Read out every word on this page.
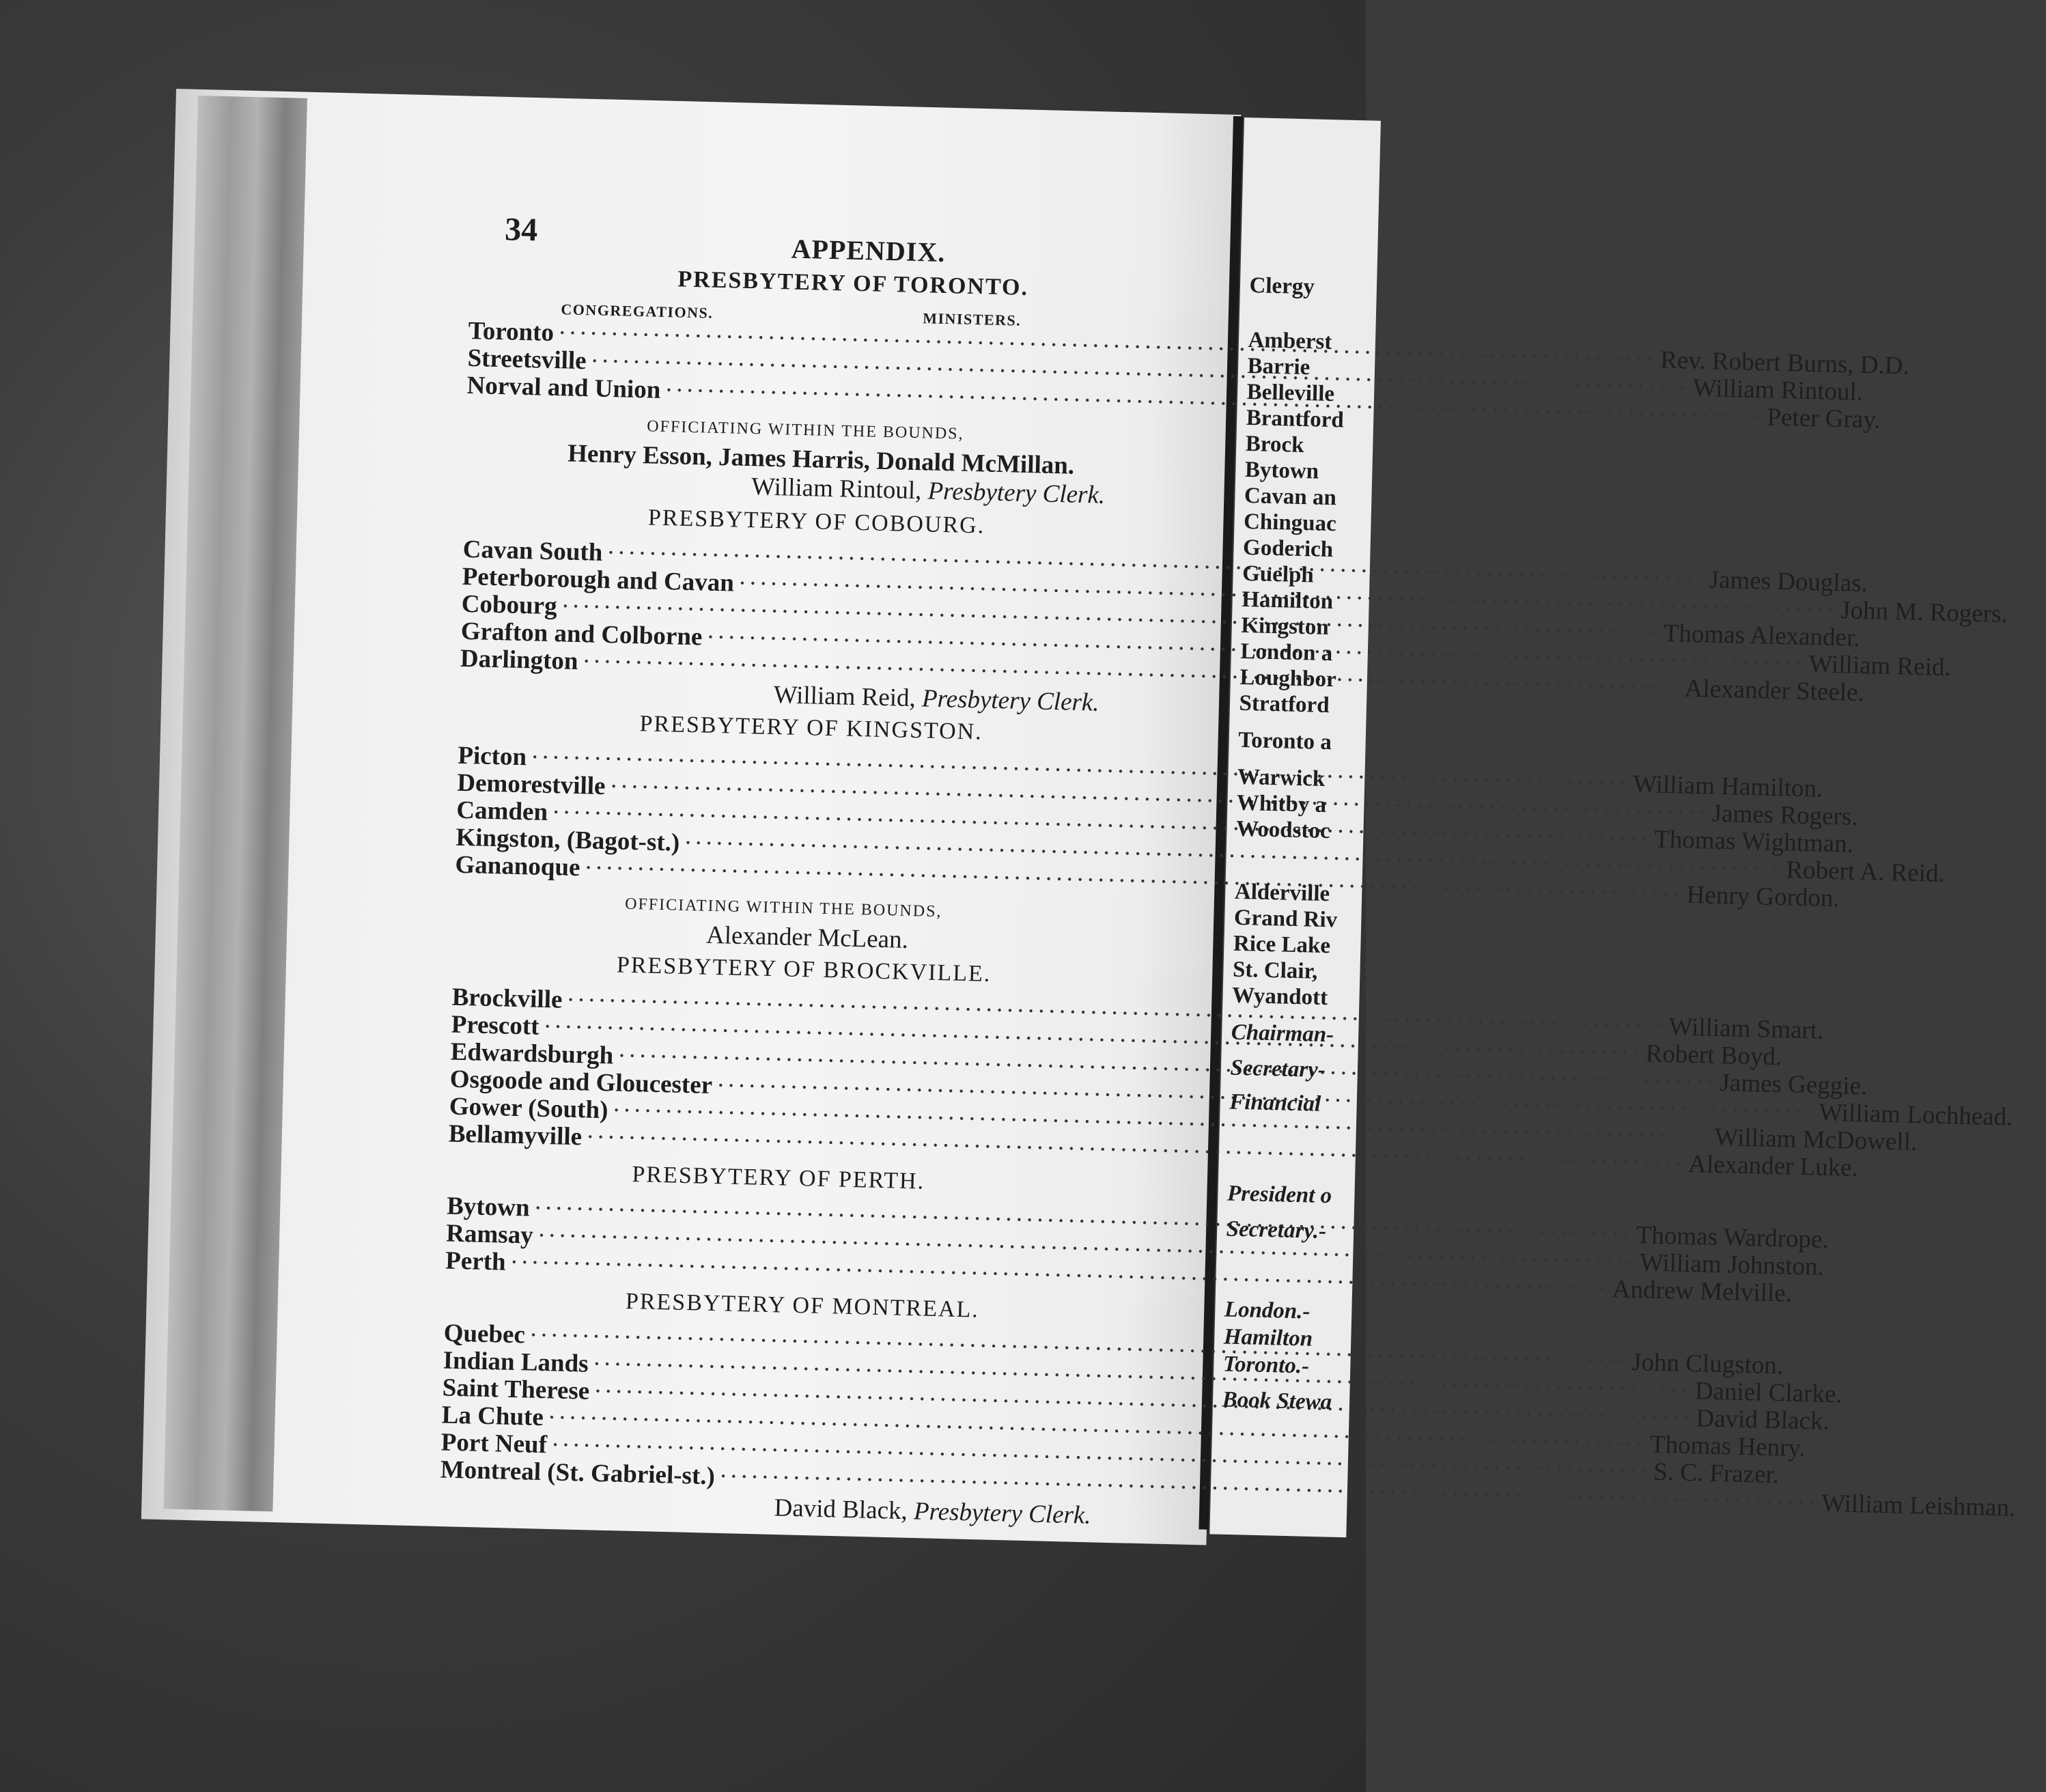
34
APPENDIX.
PRESBYTERY OF TORONTO.
CONGREGATIONS.	MINISTERS.
Toronto
·····
Rev. Robert Burns, D.D.
Streetsville
·····
William Rintoul.
Norval and Union
·····
Peter Gray.
OFFICIATING WITHIN THE BOUNDS,
Henry Esson, James Harris, Donald McMillan.
William Rintoul, Presbytery Clerk.
PRESBYTERY OF COBOURG.
Cavan South
·····
James Douglas.
Peterborough and Cavan
·····
John M. Rogers.
Cobourg
·····
Thomas Alexander.
Grafton and Colborne
·····
William Reid.
Darlington
·····
Alexander Steele.
William Reid, Presbytery Clerk.
PRESBYTERY OF KINGSTON.
Picton
·····
William Hamilton.
Demorestville
·····
James Rogers.
Camden
·····
Thomas Wightman.
Kingston, (Bagot-st.)
·····
Robert A. Reid.
Gananoque
·····
Henry Gordon.
OFFICIATING WITHIN THE BOUNDS,
Alexander McLean.
PRESBYTERY OF BROCKVILLE.
Brockville
·····
William Smart.
Prescott
·····
Robert Boyd.
Edwardsburgh
·····
James Geggie.
Osgoode and Gloucester
·····
William Lochhead.
Gower (South)
·····
William McDowell.
Bellamyville
·····
Alexander Luke.
PRESBYTERY OF PERTH.
Bytown
·····
Thomas Wardrope.
Ramsay
·····
William Johnston.
Perth
·····
Andrew Melville.
PRESBYTERY OF MONTREAL.
Quebec
·····
John Clugston.
Indian Lands
·····
Daniel Clarke.
Saint Therese
·····
David Black.
La Chute
·····
Thomas Henry.
Port Neuf
·····
S. C. Frazer.
Montreal (St. Gabriel-st.)
·····
William Leishman.
David Black, Presbytery Clerk.
Clergy
Amberst
Barrie
Belleville
Brantford
Brock
Bytown
Cavan an
Chinguac
Goderich
Guelph
Hamilton
Kingston
London a
Loughbor
Stratford
Toronto a
Warwick
Whitby a
Woodstoc
Alderville
Grand Riv
Rice Lake
St. Clair,
Wyandott
Chairman-
Secretary-
Financial
President o
Secretary.-
London.-
Hamilton
Toronto.-
Book Stewa
